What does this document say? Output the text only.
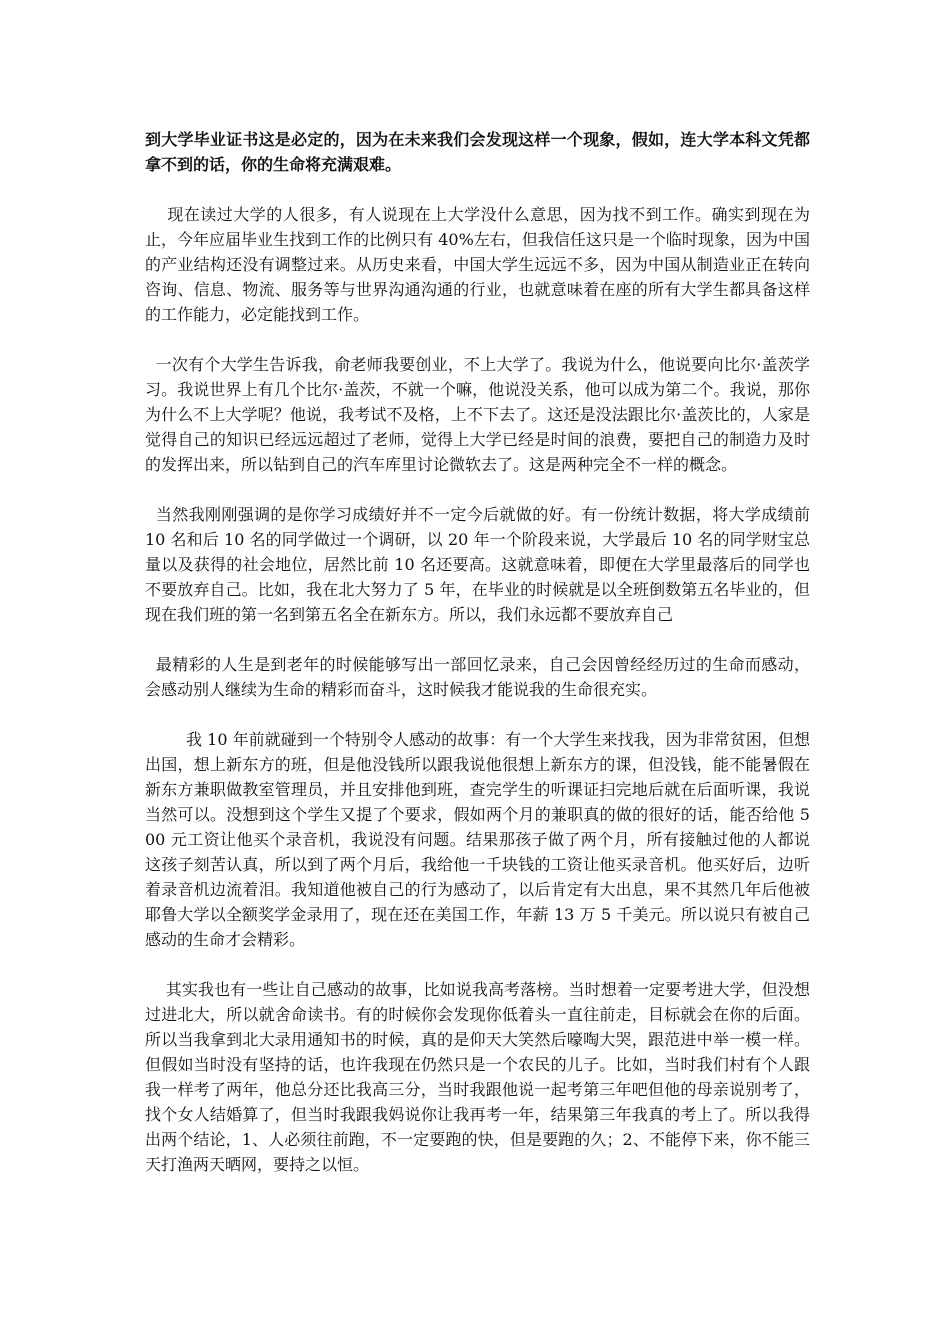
到大学毕业证书这是必定的，因为在未来我们会发现这样一个现象，假如，连大学本科文凭都拿不到的话，你的生命将充满艰难。

现在读过大学的人很多，有人说现在上大学没什么意思，因为找不到工作。确实到现在为止，今年应届毕业生找到工作的比例只有 40%左右，但我信任这只是一个临时现象，因为中国的产业结构还没有调整过来。从历史来看，中国大学生远远不多，因为中国从制造业正在转向咨询、信息、物流、服务等与世界沟通沟通的行业，也就意味着在座的所有大学生都具备这样的工作能力，必定能找到工作。

一次有个大学生告诉我，俞老师我要创业，不上大学了。我说为什么，他说要向比尔·盖茨学习。我说世界上有几个比尔·盖茨，不就一个嘛，他说没关系，他可以成为第二个。我说，那你为什么不上大学呢？他说，我考试不及格，上不下去了。这还是没法跟比尔·盖茨比的，人家是觉得自己的知识已经远远超过了老师，觉得上大学已经是时间的浪费，要把自己的制造力及时的发挥出来，所以钻到自己的汽车库里讨论微软去了。这是两种完全不一样的概念。

当然我刚刚强调的是你学习成绩好并不一定今后就做的好。有一份统计数据，将大学成绩前 10 名和后 10 名的同学做过一个调研，以 20 年一个阶段来说，大学最后 10 名的同学财宝总量以及获得的社会地位，居然比前 10 名还要高。这就意味着，即便在大学里最落后的同学也不要放弃自己。比如，我在北大努力了 5 年，在毕业的时候就是以全班倒数第五名毕业的，但现在我们班的第一名到第五名全在新东方。所以，我们永远都不要放弃自己

最精彩的人生是到老年的时候能够写出一部回忆录来，自己会因曾经经历过的生命而感动，会感动别人继续为生命的精彩而奋斗，这时候我才能说我的生命很充实。

我 10 年前就碰到一个特别令人感动的故事：有一个大学生来找我，因为非常贫困，但想出国，想上新东方的班，但是他没钱所以跟我说他很想上新东方的课，但没钱，能不能暑假在新东方兼职做教室管理员，并且安排他到班，查完学生的听课证扫完地后就在后面听课，我说当然可以。没想到这个学生又提了个要求，假如两个月的兼职真的做的很好的话，能否给他 500 元工资让他买个录音机，我说没有问题。结果那孩子做了两个月，所有接触过他的人都说这孩子刻苦认真，所以到了两个月后，我给他一千块钱的工资让他买录音机。他买好后，边听着录音机边流着泪。我知道他被自己的行为感动了，以后肯定有大出息，果不其然几年后他被耶鲁大学以全额奖学金录用了，现在还在美国工作，年薪 13 万 5 千美元。所以说只有被自己感动的生命才会精彩。

其实我也有一些让自己感动的故事，比如说我高考落榜。当时想着一定要考进大学，但没想过进北大，所以就舍命读书。有的时候你会发现你低着头一直往前走，目标就会在你的后面。所以当我拿到北大录用通知书的时候，真的是仰天大笑然后嚎啕大哭，跟范进中举一模一样。但假如当时没有坚持的话，也许我现在仍然只是一个农民的儿子。比如，当时我们村有个人跟我一样考了两年，他总分还比我高三分，当时我跟他说一起考第三年吧但他的母亲说别考了，找个女人结婚算了，但当时我跟我妈说你让我再考一年，结果第三年我真的考上了。所以我得出两个结论，1、人必须往前跑，不一定要跑的快，但是要跑的久；2、不能停下来，你不能三天打渔两天晒网，要持之以恒。
